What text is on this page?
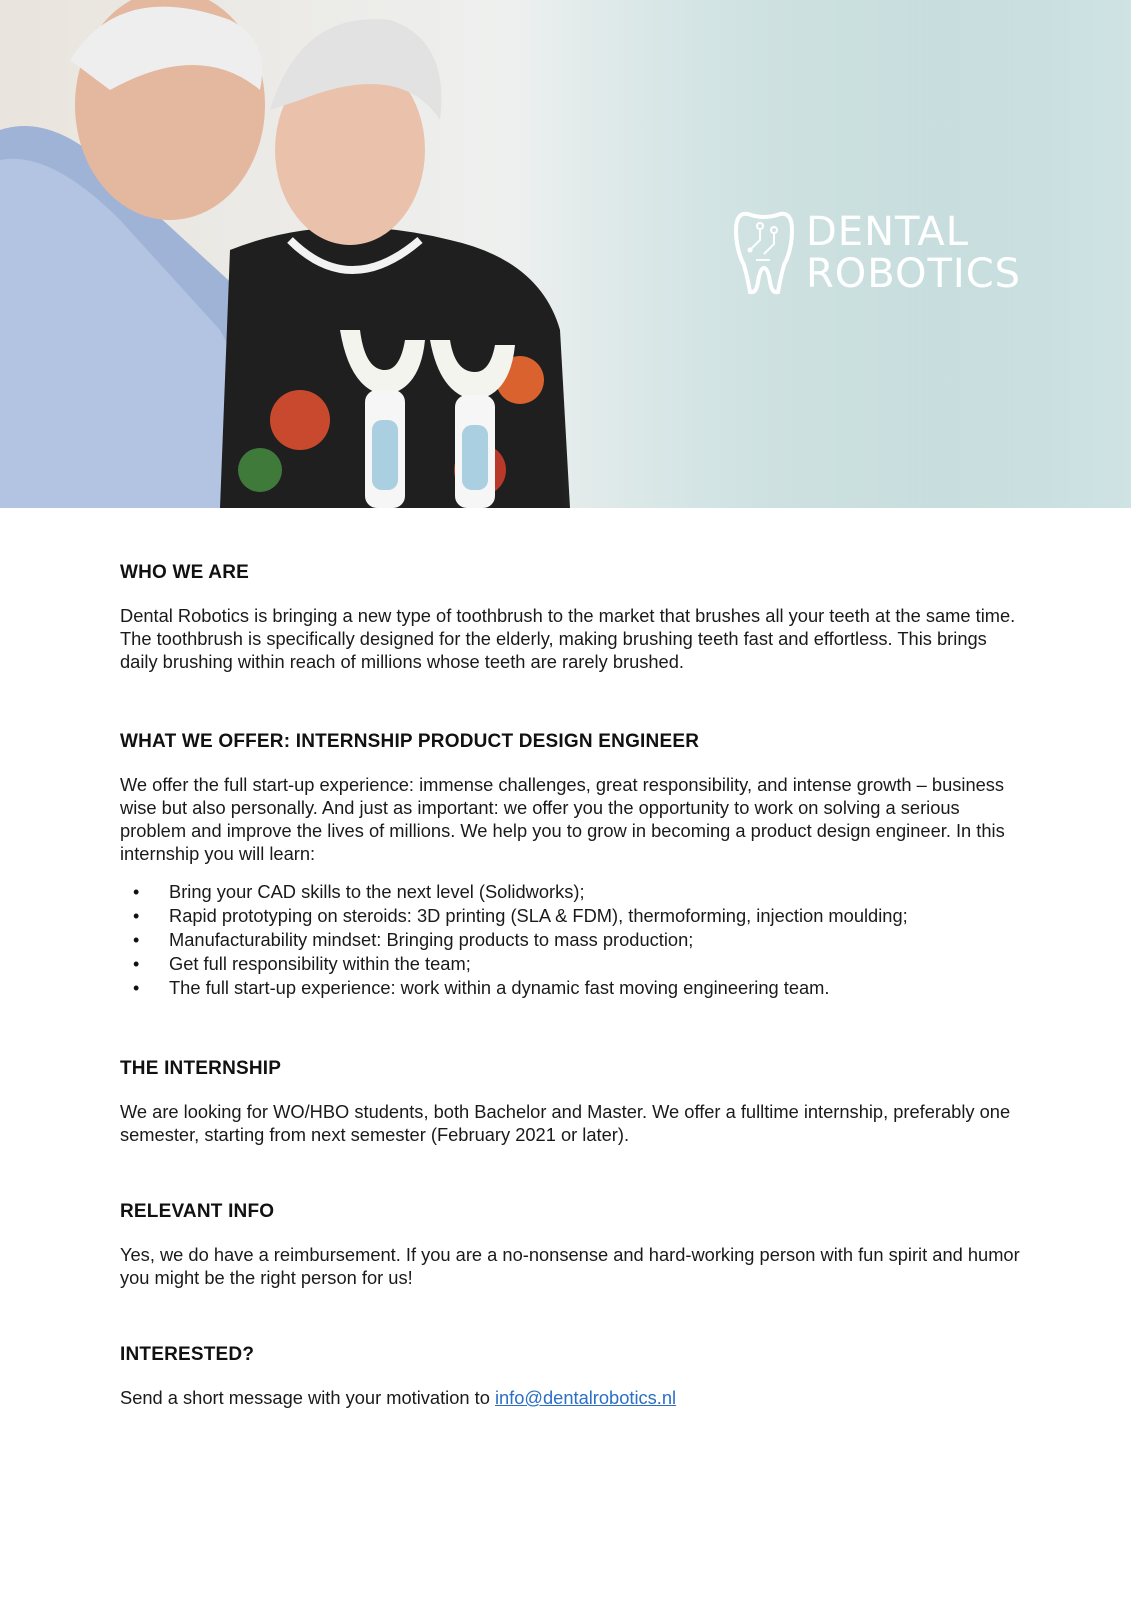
DENTAL
ROBOTICS
WHO WE ARE

Dental Robotics is bringing a new type of toothbrush to the market that brushes all your teeth at the same time. The toothbrush is specifically designed for the elderly, making brushing teeth fast and effortless. This brings daily brushing within reach of millions whose teeth are rarely brushed.

WHAT WE OFFER: INTERNSHIP PRODUCT DESIGN ENGINEER

We offer the full start-up experience: immense challenges, great responsibility, and intense growth – business wise but also personally. And just as important: we offer you the opportunity to work on solving a serious problem and improve the lives of millions. We help you to grow in becoming a product design engineer. In this internship you will learn:

• Bring your CAD skills to the next level (Solidworks);
• Rapid prototyping on steroids: 3D printing (SLA & FDM), thermoforming, injection moulding;
• Manufacturability mindset: Bringing products to mass production;
• Get full responsibility within the team;
• The full start-up experience: work within a dynamic fast moving engineering team.
THE INTERNSHIP

We are looking for WO/HBO students, both Bachelor and Master. We offer a fulltime internship, preferably one semester, starting from next semester (February 2021 or later).

RELEVANT INFO

Yes, we do have a reimbursement. If you are a no-nonsense and hard-working person with fun spirit and humor you might be the right person for us!

INTERESTED?

Send a short message with your motivation to info@dentalrobotics.nl
